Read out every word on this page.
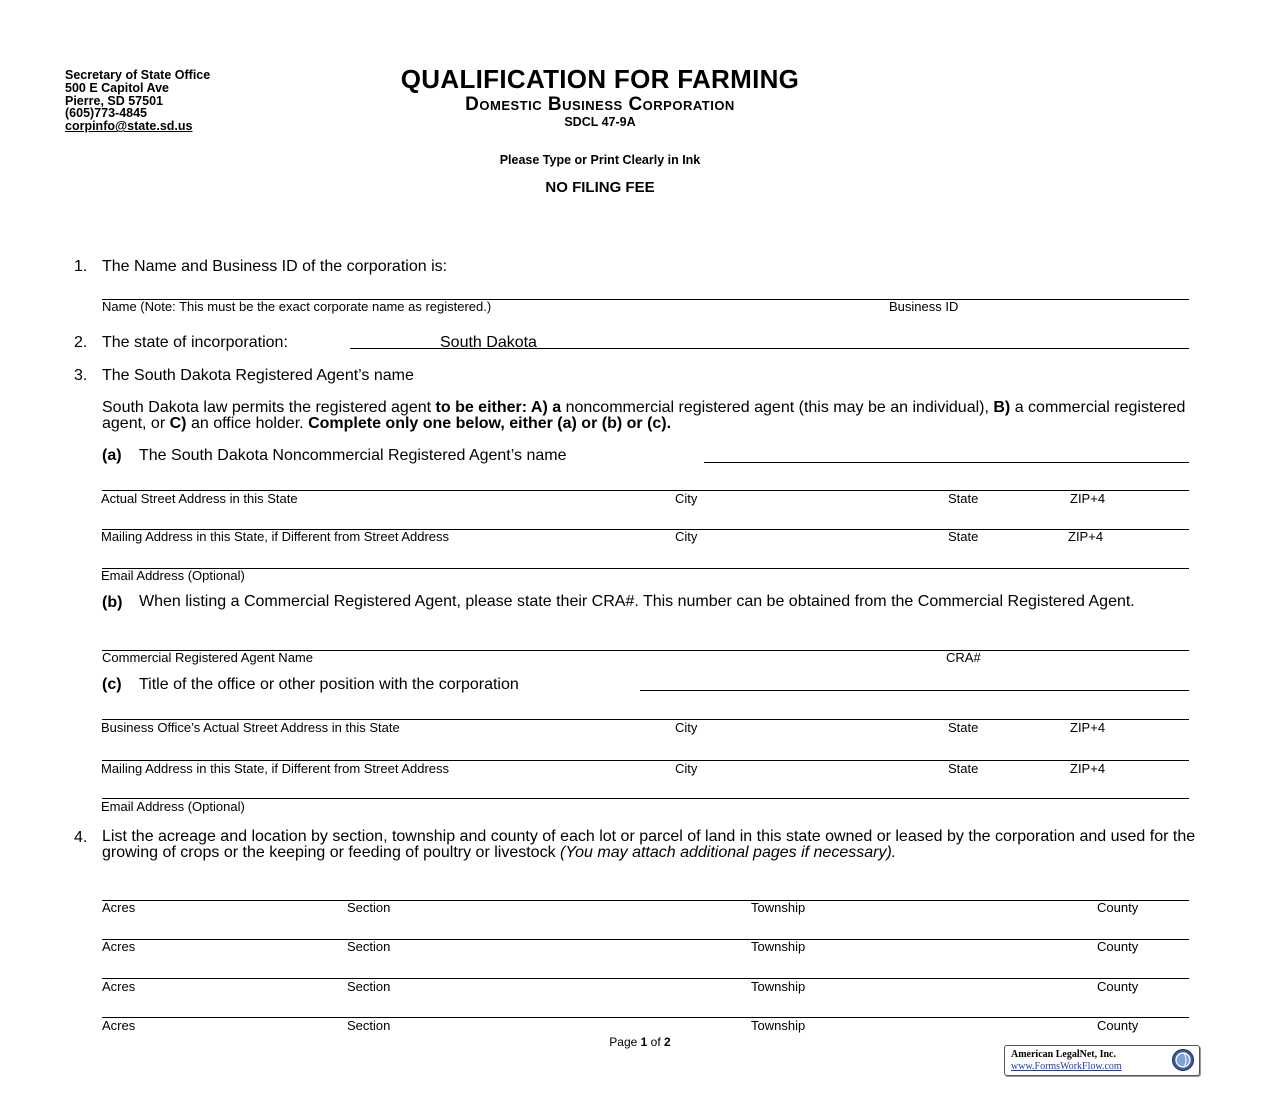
Secretary of State Office
500 E Capitol Ave
Pierre, SD 57501
(605)773-4845
corpinfo@state.sd.us
QUALIFICATION FOR FARMING
Domestic Business Corporation
SDCL 47-9A
Please Type or Print Clearly in Ink
NO FILING FEE
1. The Name and Business ID of the corporation is:
Name (Note: This must be the exact corporate name as registered.)	Business ID
2. The state of incorporation:	South Dakota
3. The South Dakota Registered Agent’s name
South Dakota law permits the registered agent to be either: A) a noncommercial registered agent (this may be an individual), B) a commercial registered agent, or C) an office holder. Complete only one below, either (a) or (b) or (c).
(a) The South Dakota Noncommercial Registered Agent’s name
Actual Street Address in this State	City	State	ZIP+4
Mailing Address in this State, if Different from Street Address	City	State	ZIP+4
Email Address (Optional)
(b) When listing a Commercial Registered Agent, please state their CRA#. This number can be obtained from the Commercial Registered Agent.
Commercial Registered Agent Name	CRA#
(c) Title of the office or other position with the corporation
Business Office’s Actual Street Address in this State	City	State	ZIP+4
Mailing Address in this State, if Different from Street Address	City	State	ZIP+4
Email Address (Optional)
4. List the acreage and location by section, township and county of each lot or parcel of land in this state owned or leased by the corporation and used for the growing of crops or the keeping or feeding of poultry or livestock (You may attach additional pages if necessary).
Acres	Section	Township	County
Acres	Section	Township	County
Acres	Section	Township	County
Acres	Section	Township	County
Page 1 of 2
American LegalNet, Inc.
www.FormsWorkFlow.com
